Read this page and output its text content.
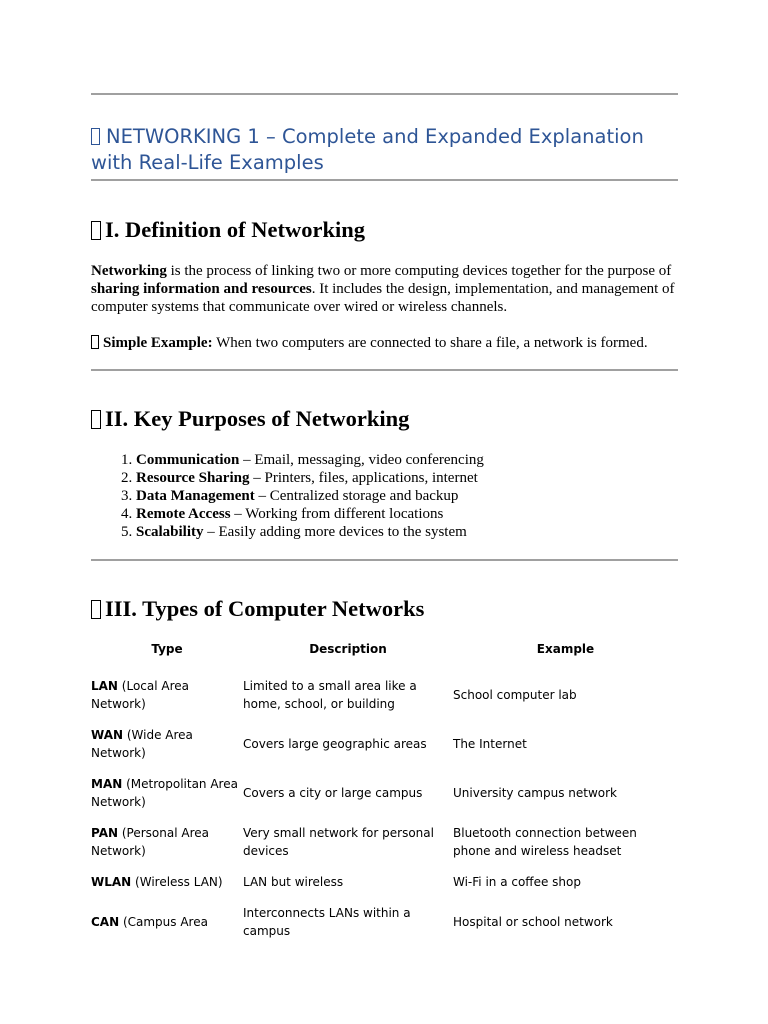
NETWORKING 1 – Complete and Expanded Explanation with Real-Life Examples
I. Definition of Networking

Networking is the process of linking two or more computing devices together for the purpose of sharing information and resources. It includes the design, implementation, and management of computer systems that communicate over wired or wireless channels.

Simple Example: When two computers are connected to share a file, a network is formed.

II. Key Purposes of Networking
1. Communication – Email, messaging, video conferencing
2. Resource Sharing – Printers, files, applications, internet
3. Data Management – Centralized storage and backup
4. Remote Access – Working from different locations
5. Scalability – Easily adding more devices to the system
III. Types of Computer Networks
Type	Description	Example
LAN (Local Area Network)	Limited to a small area like a home, school, or building	School computer lab
WAN (Wide Area Network)	Covers large geographic areas	The Internet
MAN (Metropolitan Area Network)	Covers a city or large campus	University campus network
PAN (Personal Area Network)	Very small network for personal devices	Bluetooth connection between phone and wireless headset
WLAN (Wireless LAN)	LAN but wireless	Wi-Fi in a coffee shop
CAN (Campus Area	Interconnects LANs within a campus	Hospital or school network
